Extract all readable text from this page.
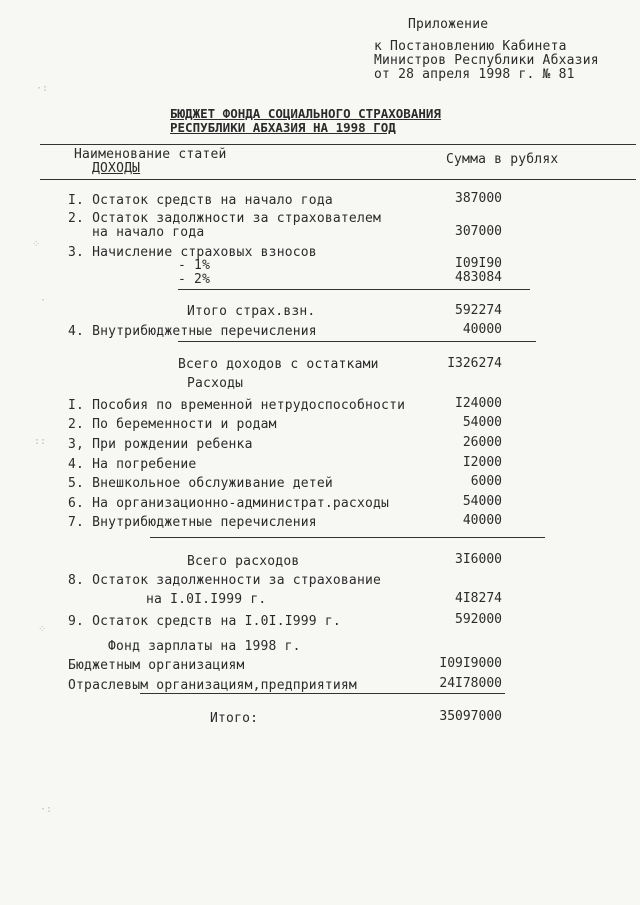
Приложение
к Постановлению Кабинета
Министров Республики Абхазия
от 28 апреля 1998 г. № 81
БЮДЖЕТ ФОНДА СОЦИАЛЬНОГО СТРАХОВАНИЯ
РЕСПУБЛИКИ АБХАЗИЯ НА 1998 ГОД
Наименование статей
ДОХОДЫ
Сумма в рублях
I. Остаток средств на начало года	387000
2. Остаток задолжности за страхователем
на начало года	307000
3. Начисление страховых взносов
- 1%	I09I90
- 2%	483084
Итого страх.взн.	592274
4. Внутрибюджетные перечисления	40000
Всего доходов с остатками	I326274
Расходы
I. Пособия по временной нетрудоспособности	I24000
2. По беременности и родам	54000
3, При рождении ребенка	26000
4. На погребение	I2000
5. Внешкольное обслуживание детей	6000
6. На организационно-администрат.расходы	54000
7. Внутрибюджетные перечисления	40000
Всего расходов	3I6000
8. Остаток задолженности за страхование
на I.0I.I999 г.	4I8274
9. Остаток средств на I.0I.I999 г.	592000
Фонд зарплаты на 1998 г.
Бюджетным организациям	I09I9000
Отраслевым организациям,предприятиям	24I78000
Итого:	35097000
·:
⁘
·
::
⁘
·:
